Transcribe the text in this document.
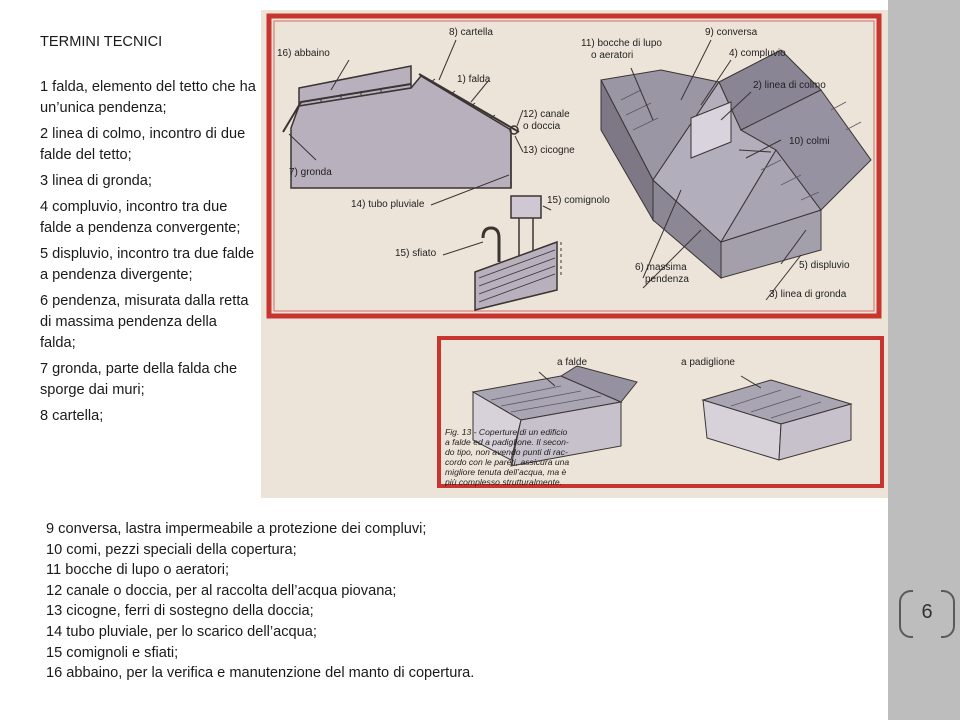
TERMINI TECNICI
1 falda, elemento del tetto che ha un’unica pendenza;
2 linea di colmo, incontro di due falde del tetto;
3 linea di gronda;
4 compluvio, incontro tra due falde a pendenza convergente;
5 displuvio, incontro tra due falde a pendenza divergente;
6 pendenza, misurata dalla retta di massima pendenza della falda;
7 gronda, parte della falda che sporge dai muri;
8 cartella;
9 conversa, lastra impermeabile a protezione dei compluvi;
10 comi, pezzi speciali della copertura;
11 bocche di lupo o aeratori;
12 canale o doccia, per al raccolta dell’acqua piovana;
13 cicogne, ferri di sostegno della doccia;
14 tubo pluviale, per lo scarico dell’acqua;
15 comignoli e sfiati;
16 abbaino, per la verifica e manutenzione del manto di copertura.
6
16) abbaino
8) cartella
1) falda
12) canale
o doccia
13) cicogne
7) gronda
14) tubo pluviale	15) comignolo
15) sfiato
11) bocche di lupo
o aeratori
9) conversa
4) compluvio
2) linea di colmo
10) colmi
6) massima
pendenza
5) displuvio
3) linea di gronda
a falde	a padiglione
Fig. 13 - Coperture di un edificio
a falde ed a padiglione. Il secon-
do tipo, non avendo punti di rac-
cordo con le pareti, assicura una
migliore tenuta dell’acqua, ma è
più complesso strutturalmente.
